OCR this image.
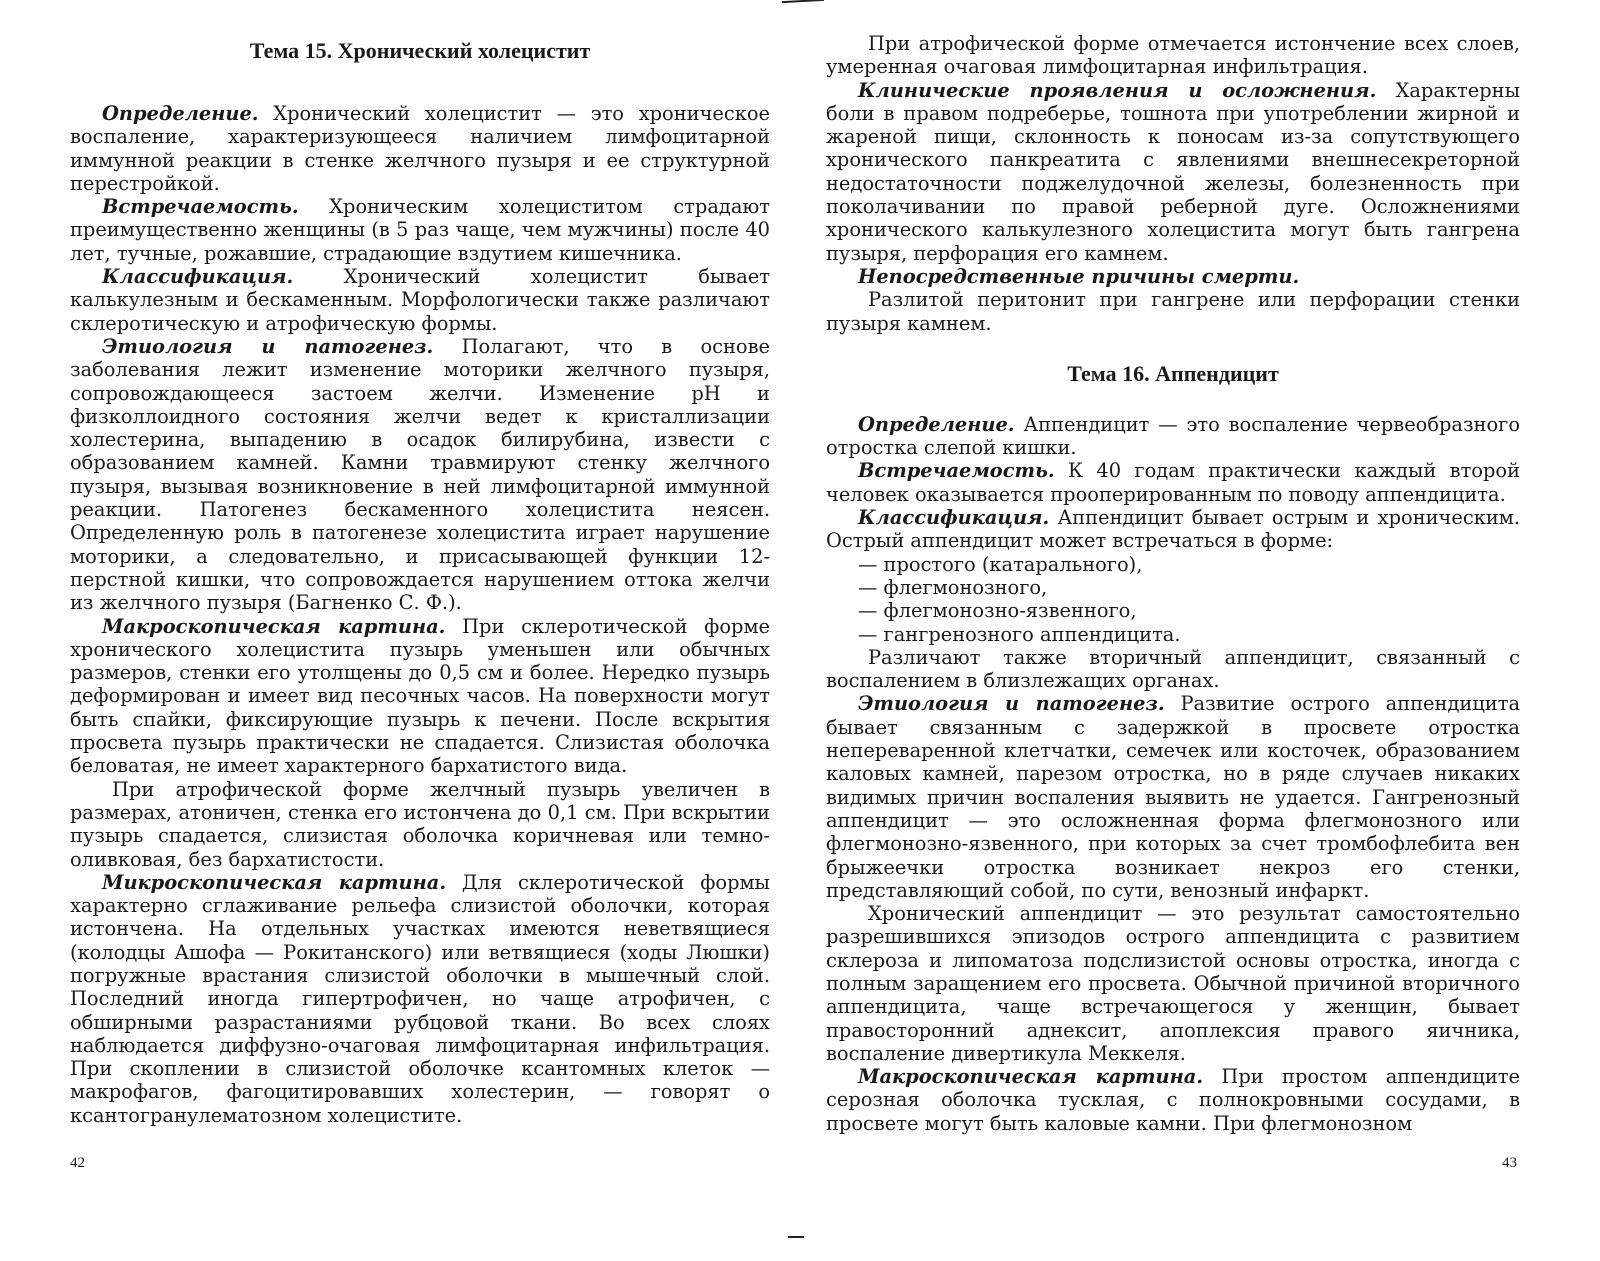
Тема 15. Хронический холецистит

Определение. Хронический холецистит — это хроническое воспаление, характеризующееся наличием лимфоцитарной иммунной реакции в стенке желчного пузыря и ее структурной перестройкой.

Встречаемость. Хроническим холециститом страдают преимущественно женщины (в 5 раз чаще, чем мужчины) после 40 лет, тучные, рожавшие, страдающие вздутием кишечника.

Классификация. Хронический холецистит бывает калькулезным и бескаменным. Морфологически также различают склеротическую и атрофическую формы.

Этиология и патогенез. Полагают, что в основе заболевания лежит изменение моторики желчного пузыря, сопровождающееся застоем желчи. Изменение pH и физколлоидного состояния желчи ведет к кристаллизации холестерина, выпадению в осадок билирубина, извести с образованием камней. Камни травмируют стенку желчного пузыря, вызывая возникновение в ней лимфоцитарной иммунной реакции. Патогенез бескаменного холецистита неясен. Определенную роль в патогенезе холецистита играет нарушение моторики, а следовательно, и присасывающей функции 12-перстной кишки, что сопровождается нарушением оттока желчи из желчного пузыря (Багненко С. Ф.).

Макроскопическая картина. При склеротической форме хронического холецистита пузырь уменьшен или обычных размеров, стенки его утолщены до 0,5 см и более. Нередко пузырь деформирован и имеет вид песочных часов. На поверхности могут быть спайки, фиксирующие пузырь к печени. После вскрытия просвета пузырь практически не спадается. Слизистая оболочка беловатая, не имеет характерного бархатистого вида.

При атрофической форме желчный пузырь увеличен в размерах, атоничен, стенка его истончена до 0,1 см. При вскрытии пузырь спадается, слизистая оболочка коричневая или темно-оливковая, без бархатистости.

Микроскопическая картина. Для склеротической формы характерно сглаживание рельефа слизистой оболочки, которая истончена. На отдельных участках имеются неветвящиеся (колодцы Ашофа — Рокитанского) или ветвящиеся (ходы Люшки) погружные врастания слизистой оболочки в мышечный слой. Последний иногда гипертрофичен, но чаще атрофичен, с обширными разрастаниями рубцовой ткани. Во всех слоях наблюдается диффузно-очаговая лимфоцитарная инфильтрация. При скоплении в слизистой оболочке ксантомных клеток — макрофагов, фагоцитировавших холестерин, — говорят о ксантогранулематозном холецистите.

42

При атрофической форме отмечается истончение всех слоев, умеренная очаговая лимфоцитарная инфильтрация.

Клинические проявления и осложнения. Характерны боли в правом подреберье, тошнота при употреблении жирной и жареной пищи, склонность к поносам из-за сопутствующего хронического панкреатита с явлениями внешнесекреторной недостаточности поджелудочной железы, болезненность при поколачивании по правой реберной дуге. Осложнениями хронического калькулезного холецистита могут быть гангрена пузыря, перфорация его камнем.

Непосредственные причины смерти.

Разлитой перитонит при гангрене или перфорации стенки пузыря камнем.

Тема 16. Аппендицит

Определение. Аппендицит — это воспаление червеобразного отростка слепой кишки.

Встречаемость. К 40 годам практически каждый второй человек оказывается прооперированным по поводу аппендицита.

Классификация. Аппендицит бывает острым и хроническим. Острый аппендицит может встречаться в форме:

— простого (катарального),
— флегмонозного,
— флегмонозно-язвенного,
— гангренозного аппендицита.

Различают также вторичный аппендицит, связанный с воспалением в близлежащих органах.

Этиология и патогенез. Развитие острого аппендицита бывает связанным с задержкой в просвете отростка непереваренной клетчатки, семечек или косточек, образованием каловых камней, парезом отростка, но в ряде случаев никаких видимых причин воспаления выявить не удается. Гангренозный аппендицит — это осложненная форма флегмонозного или флегмонозно-язвенного, при которых за счет тромбофлебита вен брыжеечки отростка возникает некроз его стенки, представляющий собой, по сути, венозный инфаркт.

Хронический аппендицит — это результат самостоятельно разрешившихся эпизодов острого аппендицита с развитием склероза и липоматоза подслизистой основы отростка, иногда с полным заращением его просвета. Обычной причиной вторичного аппендицита, чаще встречающегося у женщин, бывает правосторонний аднексит, апоплексия правого яичника, воспаление дивертикула Меккеля.

Макроскопическая картина. При простом аппендиците серозная оболочка тусклая, с полнокровными сосудами, в просвете могут быть каловые камни. При флегмонозном

43
